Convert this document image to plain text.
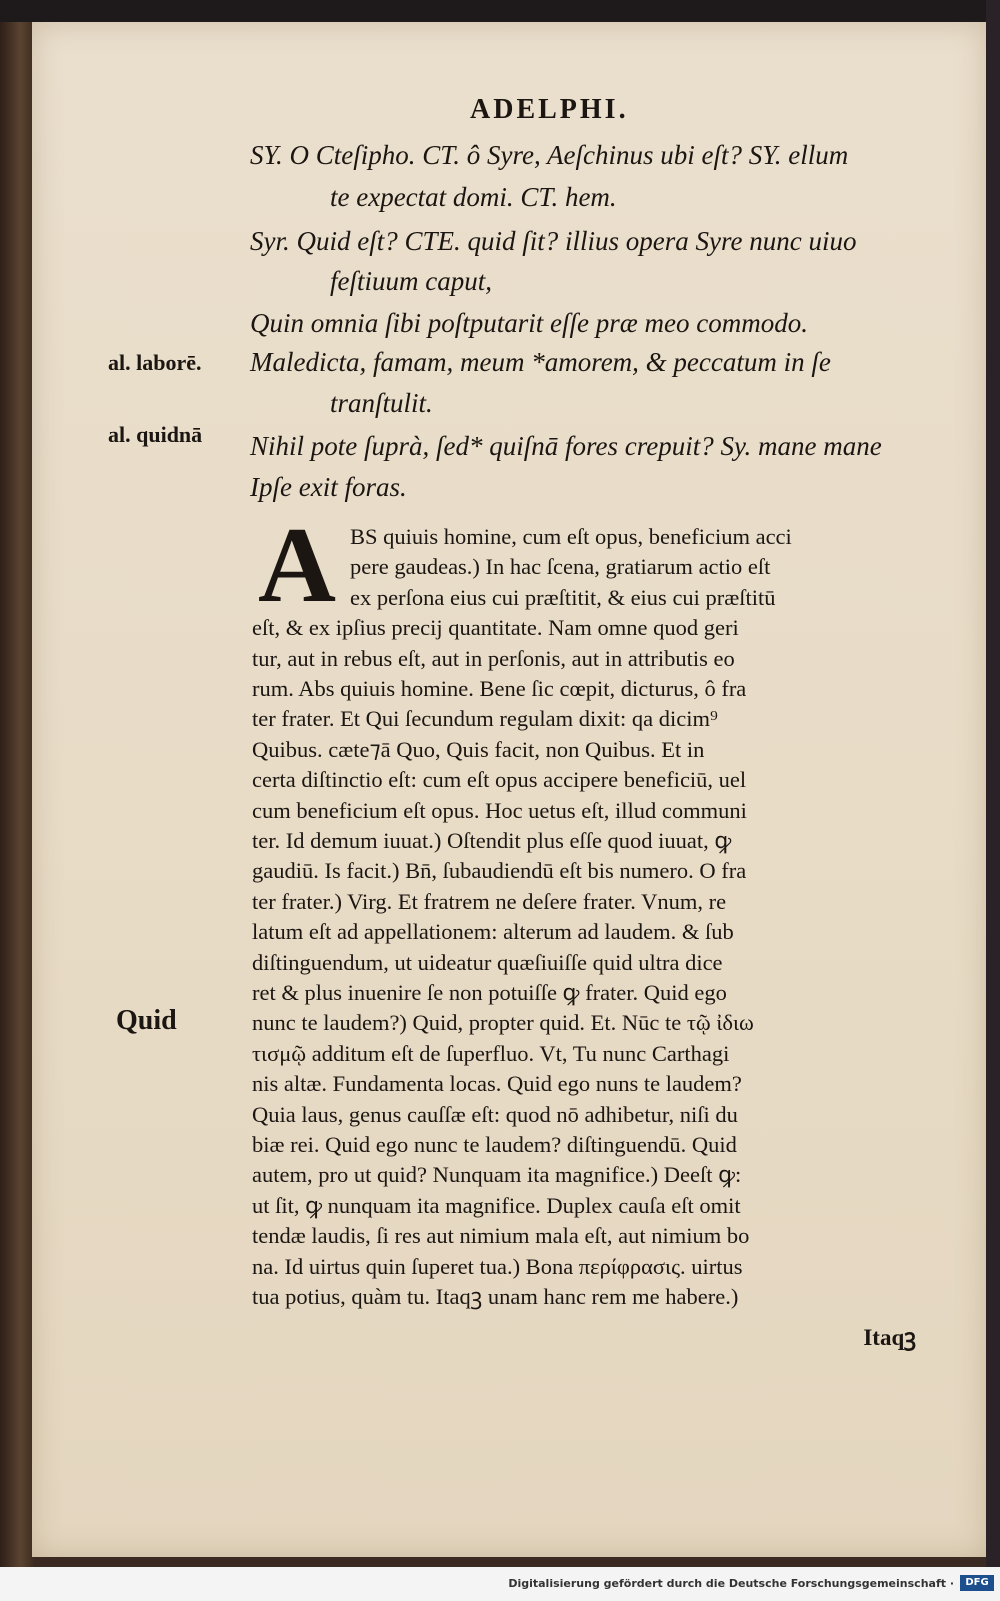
ADELPHI.
SY. O Cteſipho. CT. ô Syre, Aeſchinus ubi eſt? SY. ellum
te expectat domi. CT. hem.
Syr. Quid eſt? CTE. quid ſit? illius opera Syre nunc uiuo
feſtiuum caput,
Quin omnia ſibi poſtputarit eſſe præ meo commodo.
Maledicta, famam, meum *amorem, & peccatum in ſe
tranſtulit.
Nihil pote ſuprà, ſed* quiſnā fores crepuit? Sy. mane mane
Ipſe exit foras.
al. laborē.
al. quidnā
Quid
A BS quiuis homine, cum eſt opus, beneficium acci
pere gaudeas.) In hac ſcena, gratiarum actio eſt
ex perſona eius cui præſtitit, & eius cui præſtitū
eſt, & ex ipſius precij quantitate. Nam omne quod geri
tur, aut in rebus eſt, aut in perſonis, aut in attributis eo
rum. Abs quiuis homine. Bene ſic cœpit, dicturus, ô fra
ter frater. Et Qui ſecundum regulam dixit: qa dicim⁹
Quibus. cæte⁊ā Quo, Quis facit, non Quibus. Et in
certa diſtinctio eſt: cum eſt opus accipere beneficiū, uel
cum beneficium eſt opus. Hoc uetus eſt, illud communi
ter. Id demum iuuat.) Oſtendit plus eſſe quod iuuat, ꝙ
gaudiū. Is facit.) Bn̄, ſubaudiendū eſt bis numero. O fra
ter frater.) Virg. Et fratrem ne deſere frater. Vnum, re
latum eſt ad appellationem: alterum ad laudem. & ſub
diſtinguendum, ut uideatur quæſiuiſſe quid ultra dice
ret & plus inuenire ſe non potuiſſe ꝙ frater. Quid ego
nunc te laudem?) Quid, propter quid. Et. Nūc te τῷ ἰδιω
τισμῷ additum eſt de ſuperfluo. Vt, Tu nunc Carthagi
nis altæ. Fundamenta locas. Quid ego nuns te laudem?
Quia laus, genus cauſſæ eſt: quod nō adhibetur, niſi du
biæ rei. Quid ego nunc te laudem? diſtinguendū. Quid
autem, pro ut quid? Nunquam ita magnifice.) Deeſt ꝙ:
ut ſit, ꝙ nunquam ita magnifice. Duplex cauſa eſt omit
tendæ laudis, ſi res aut nimium mala eſt, aut nimium bo
na. Id uirtus quin ſuperet tua.) Bona περίφρασις. uirtus
tua potius, quàm tu. Itaqꝫ unam hanc rem me habere.)
Itaqꝫ
Digitalisierung gefördert durch die Deutsche Forschungsgemeinschaft ·	DFG
